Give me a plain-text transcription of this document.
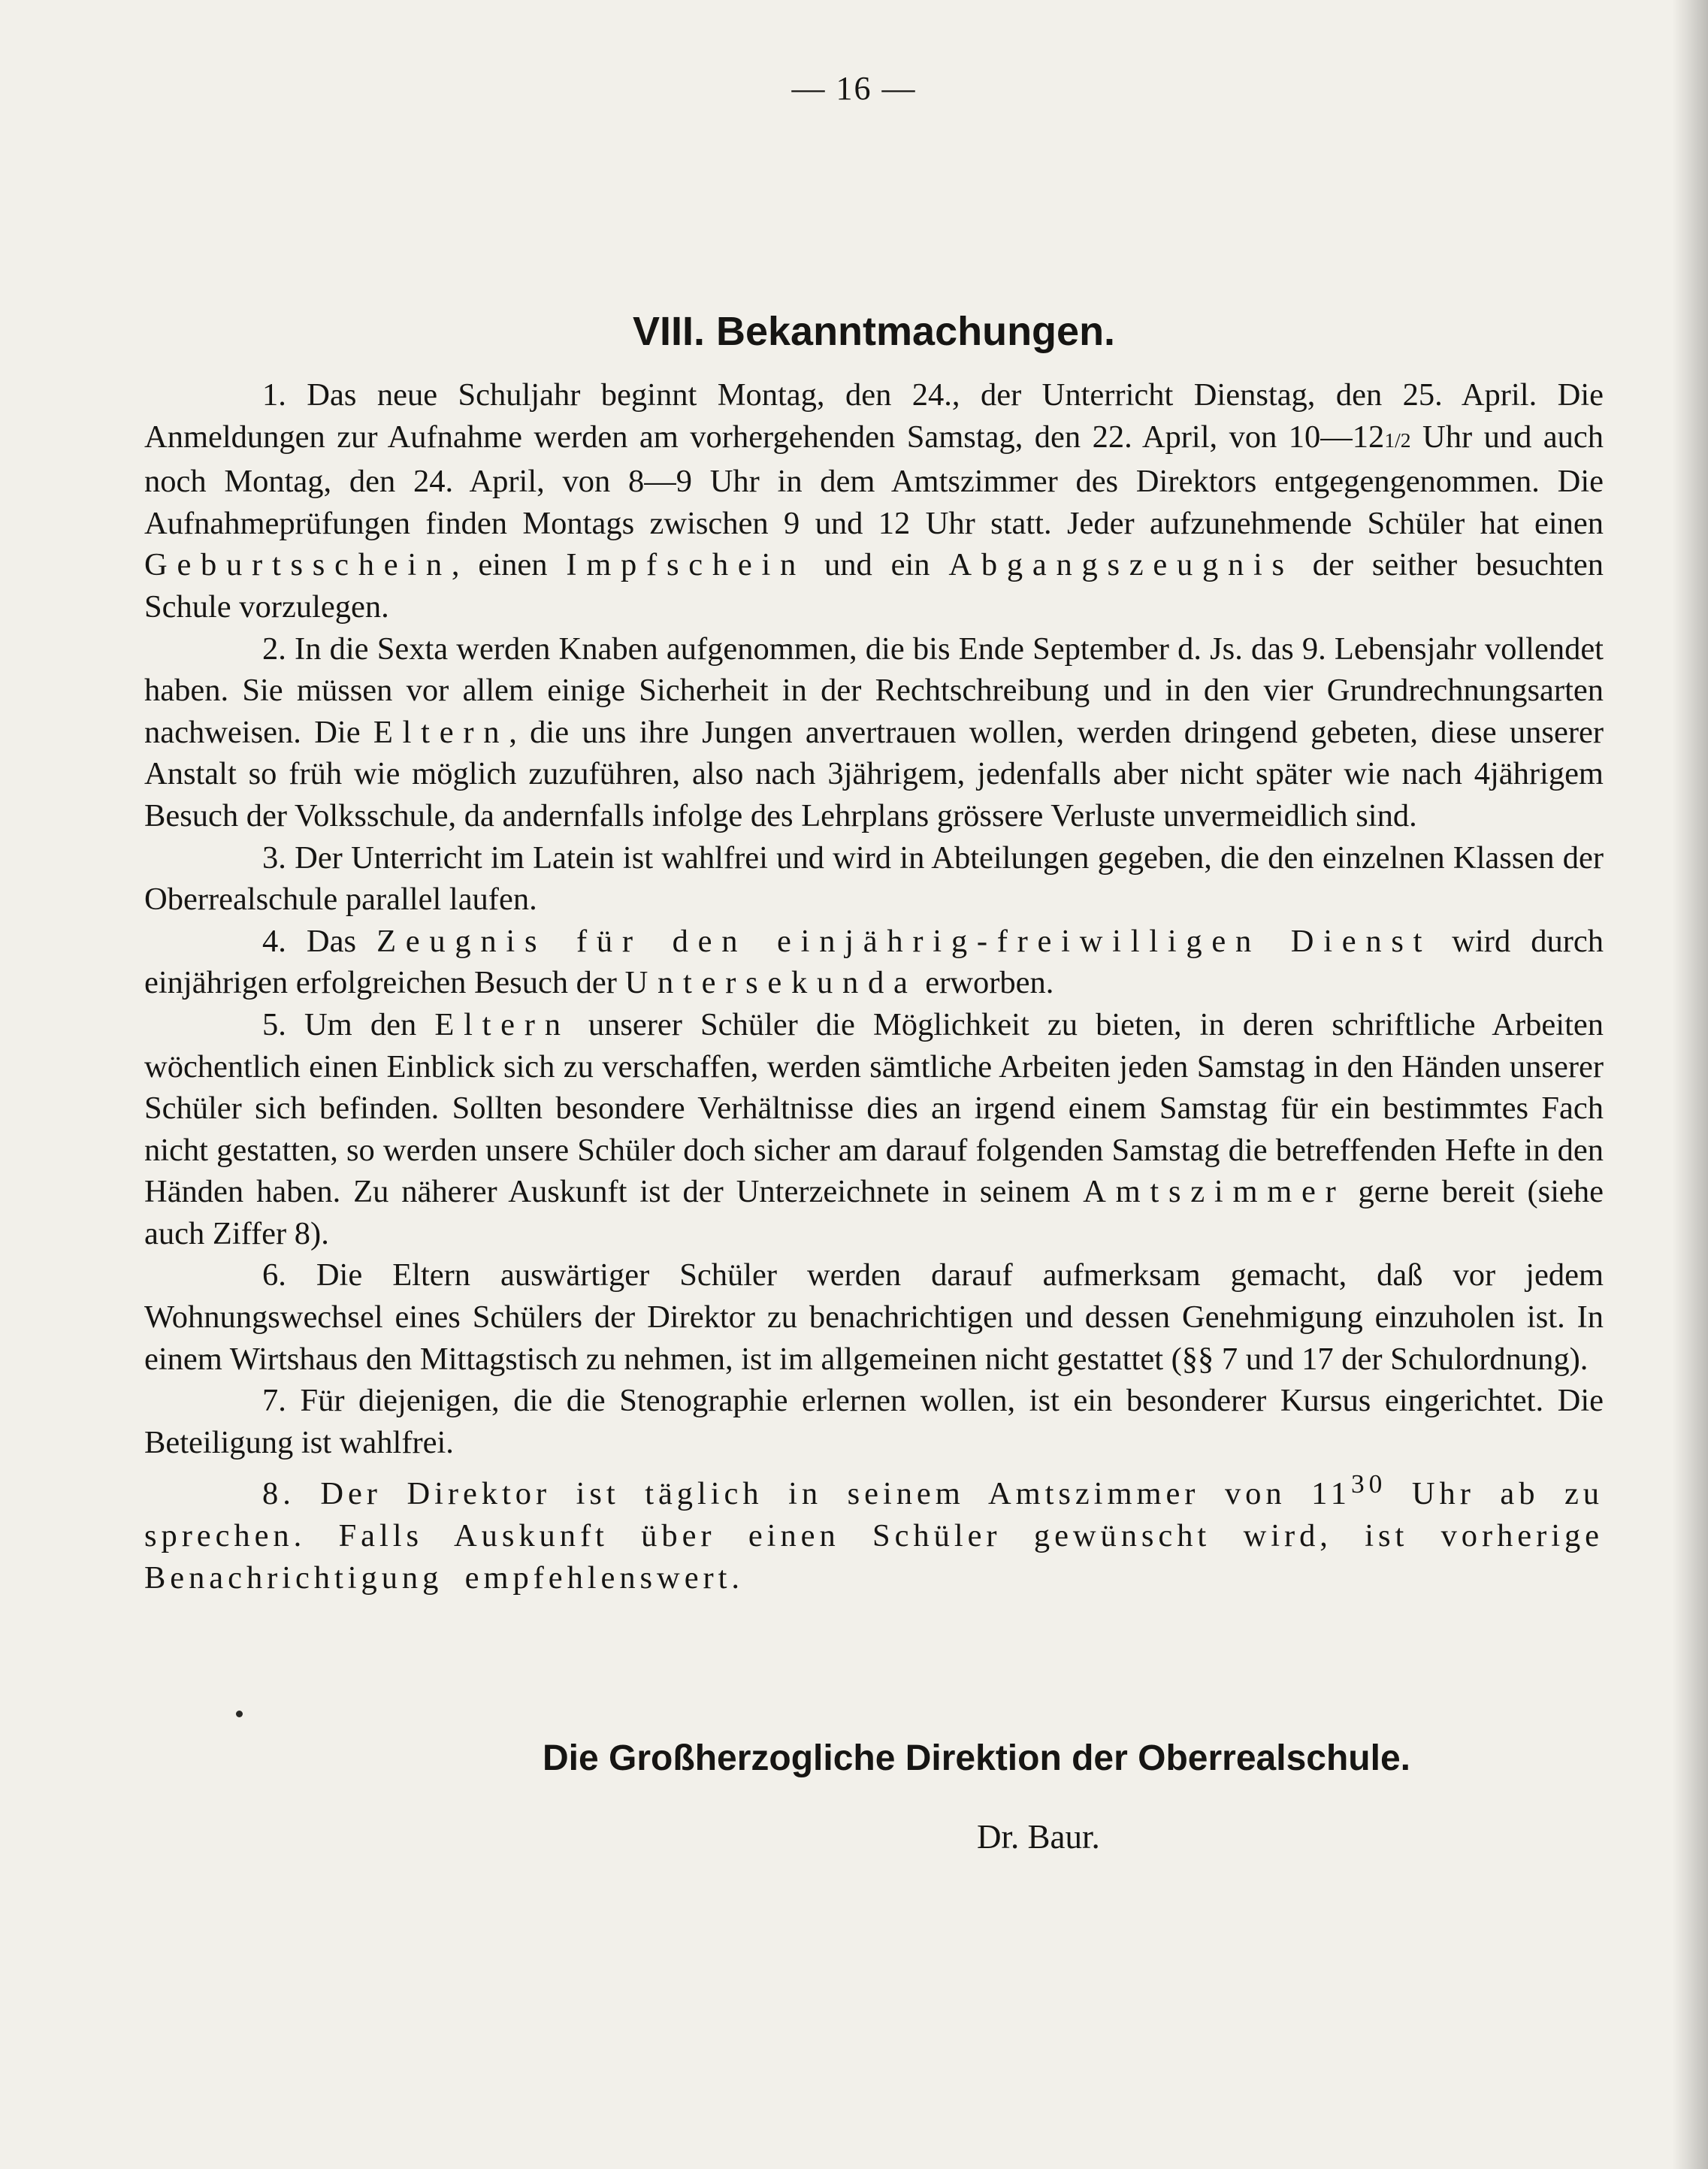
— 16 —
VIII. Bekanntmachungen.

1. Das neue Schuljahr beginnt Montag, den 24., der Unterricht Dienstag, den 25. April. Die Anmeldungen zur Aufnahme werden am vorhergehenden Samstag, den 22. April, von 10—121/2 Uhr und auch noch Montag, den 24. April, von 8—9 Uhr in dem Amtszimmer des Direktors entgegengenommen. Die Aufnahmeprüfungen finden Montags zwischen 9 und 12 Uhr statt. Jeder aufzunehmende Schüler hat einen Geburtsschein, einen Impfschein und ein Abgangszeugnis der seither besuchten Schule vorzulegen.

2. In die Sexta werden Knaben aufgenommen, die bis Ende September d. Js. das 9. Lebensjahr vollendet haben. Sie müssen vor allem einige Sicherheit in der Rechtschreibung und in den vier Grundrechnungsarten nachweisen. Die Eltern, die uns ihre Jungen anvertrauen wollen, werden dringend gebeten, diese unserer Anstalt so früh wie möglich zuzuführen, also nach 3jährigem, jedenfalls aber nicht später wie nach 4jährigem Besuch der Volksschule, da andernfalls infolge des Lehrplans grössere Verluste unvermeidlich sind.

3. Der Unterricht im Latein ist wahlfrei und wird in Abteilungen gegeben, die den einzelnen Klassen der Oberrealschule parallel laufen.

4. Das Zeugnis für den einjährig-freiwilligen Dienst wird durch einjährigen erfolgreichen Besuch der Untersekunda erworben.

5. Um den Eltern unserer Schüler die Möglichkeit zu bieten, in deren schriftliche Arbeiten wöchentlich einen Einblick sich zu verschaffen, werden sämtliche Arbeiten jeden Samstag in den Händen unserer Schüler sich befinden. Sollten besondere Verhältnisse dies an irgend einem Samstag für ein bestimmtes Fach nicht gestatten, so werden unsere Schüler doch sicher am darauf folgenden Samstag die betreffenden Hefte in den Händen haben. Zu näherer Auskunft ist der Unterzeichnete in seinem Amtszimmer gerne bereit (siehe auch Ziffer 8).

6. Die Eltern auswärtiger Schüler werden darauf aufmerksam gemacht, daß vor jedem Wohnungswechsel eines Schülers der Direktor zu benachrichtigen und dessen Genehmigung einzuholen ist. In einem Wirtshaus den Mittagstisch zu nehmen, ist im allgemeinen nicht gestattet (§§ 7 und 17 der Schulordnung).

7. Für diejenigen, die die Stenographie erlernen wollen, ist ein besonderer Kursus eingerichtet. Die Beteiligung ist wahlfrei.

8. Der Direktor ist täglich in seinem Amtszimmer von $11^{30}$ Uhr ab zu sprechen. Falls Auskunft über einen Schüler gewünscht wird, ist vorherige Benachrichtigung empfehlenswert.

Die Großherzogliche Direktion der Oberrealschule.
Dr. Baur.
